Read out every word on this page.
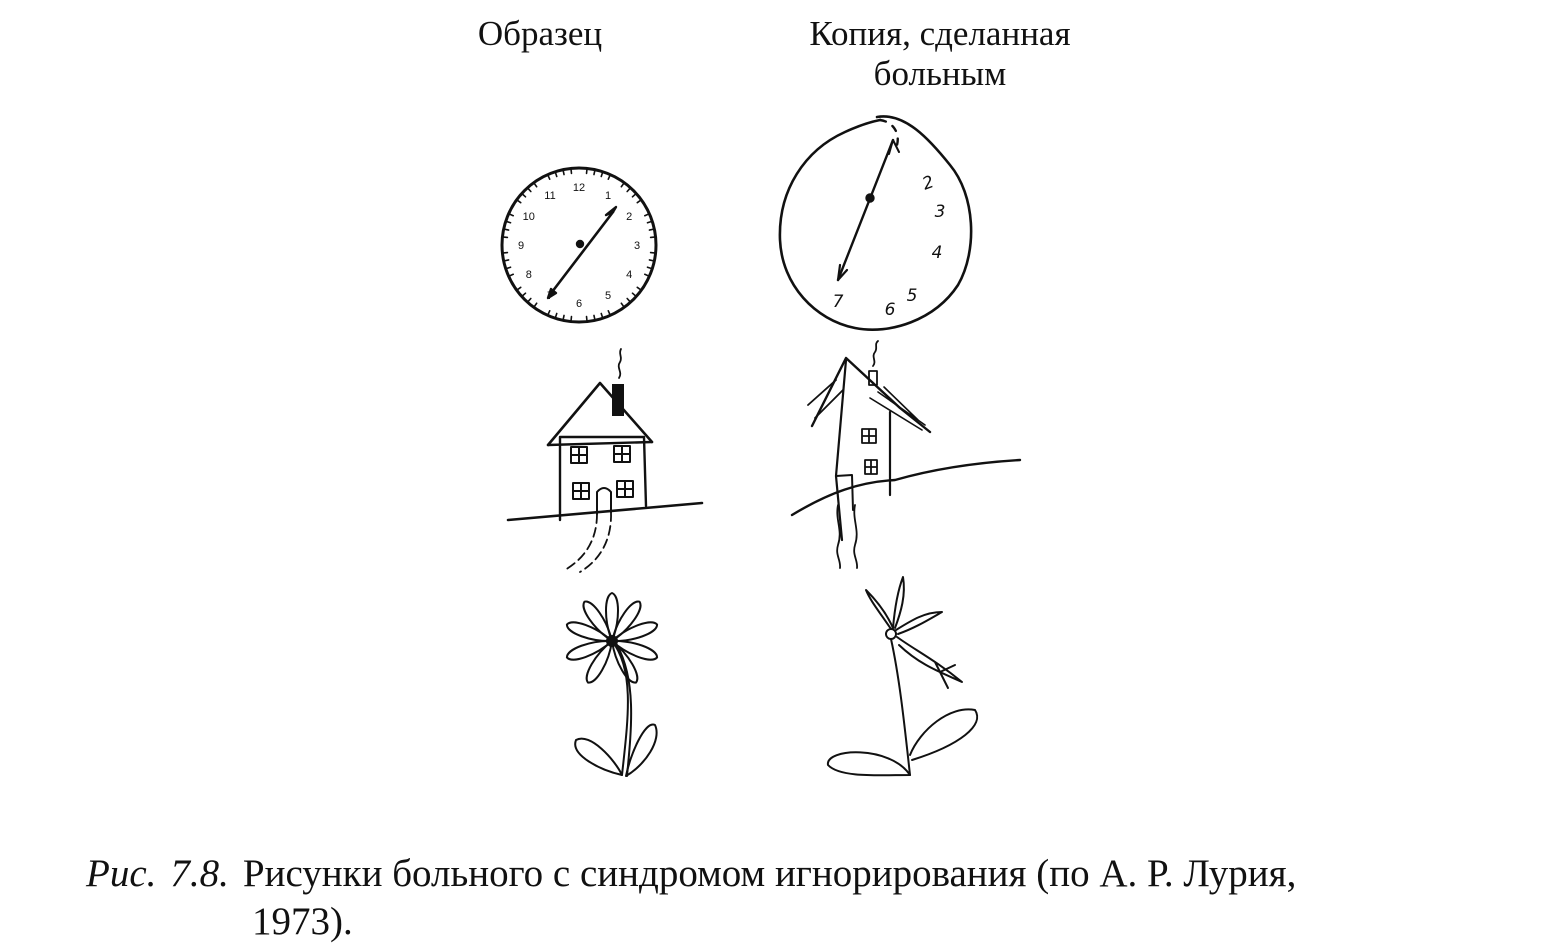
Образец	Копия, сделанная
больным
12
1
2
3
4
5
6
8
9
10
11
2
3
4
5
6
7
Рис. 7.8. Рисунки больного с синдромом игнорирования (по А. Р. Лурия,
1973).
